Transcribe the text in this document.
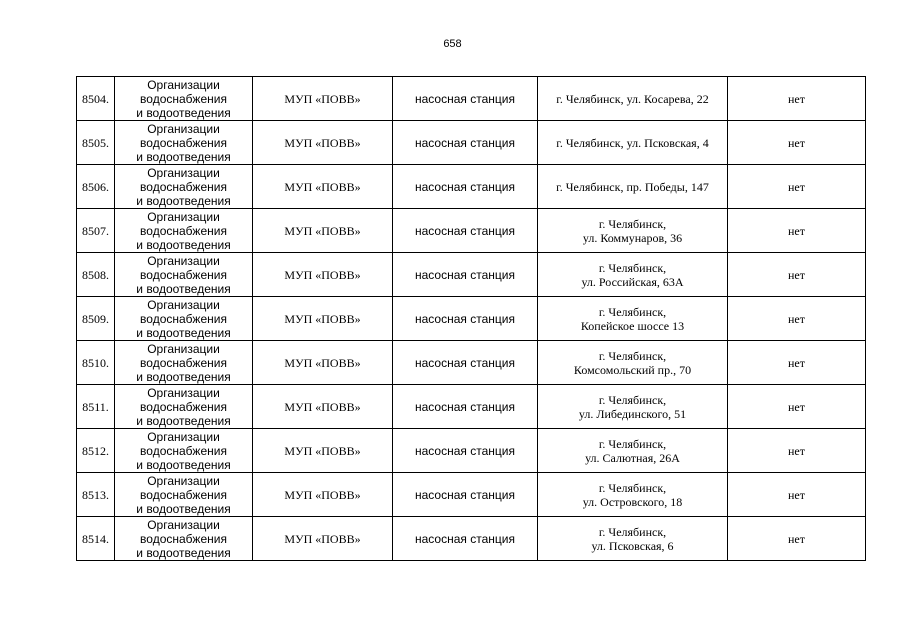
658
8504.	Организации
водоснабжения
и водоотведения	МУП «ПОВВ»	насосная станция	г. Челябинск, ул. Косарева, 22	нет
8505.	Организации
водоснабжения
и водоотведения	МУП «ПОВВ»	насосная станция	г. Челябинск, ул. Псковская, 4	нет
8506.	Организации
водоснабжения
и водоотведения	МУП «ПОВВ»	насосная станция	г. Челябинск, пр. Победы, 147	нет
8507.	Организации
водоснабжения
и водоотведения	МУП «ПОВВ»	насосная станция	г. Челябинск,
ул. Коммунаров, 36	нет
8508.	Организации
водоснабжения
и водоотведения	МУП «ПОВВ»	насосная станция	г. Челябинск,
ул. Российская, 63А	нет
8509.	Организации
водоснабжения
и водоотведения	МУП «ПОВВ»	насосная станция	г. Челябинск,
Копейское шоссе 13	нет
8510.	Организации
водоснабжения
и водоотведения	МУП «ПОВВ»	насосная станция	г. Челябинск,
Комсомольский пр., 70	нет
8511.	Организации
водоснабжения
и водоотведения	МУП «ПОВВ»	насосная станция	г. Челябинск,
ул. Либединского, 51	нет
8512.	Организации
водоснабжения
и водоотведения	МУП «ПОВВ»	насосная станция	г. Челябинск,
ул. Салютная, 26А	нет
8513.	Организации
водоснабжения
и водоотведения	МУП «ПОВВ»	насосная станция	г. Челябинск,
ул. Островского, 18	нет
8514.	Организации
водоснабжения
и водоотведения	МУП «ПОВВ»	насосная станция	г. Челябинск,
ул. Псковская, 6	нет
